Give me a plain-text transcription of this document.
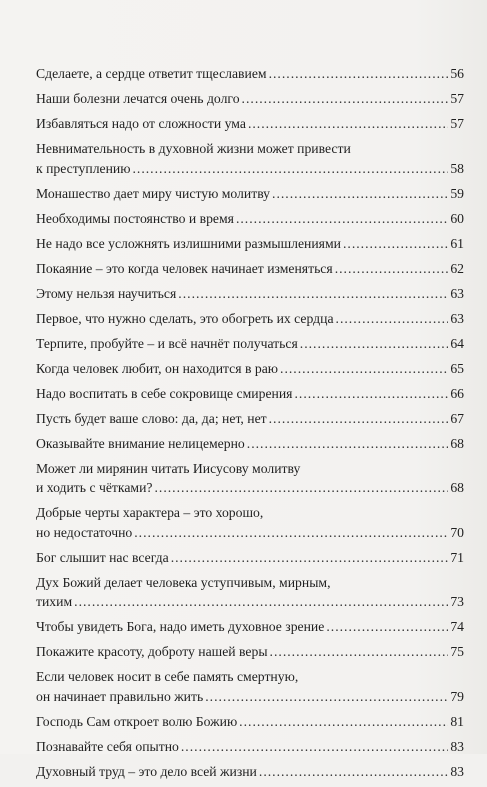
Сделаете, а сердце ответит тщеславием .....	56
Наши болезни лечатся очень долго .....	57
Избавляться надо от сложности ума .....	57
Невнимательность в духовной жизни может привести
к преступлению .....	58
Монашество дает миру чистую молитву .....	59
Необходимы постоянство и время .....	60
Не надо все усложнять излишними размышлениями .....	61
Покаяние – это когда человек начинает изменяться .....	62
Этому нельзя научиться .....	63
Первое, что нужно сделать, это обогреть их сердца .....	63
Терпите, пробуйте – и всё начнёт получаться .....	64
Когда человек любит, он находится в раю .....	65
Надо воспитать в себе сокровище смирения .....	66
Пусть будет ваше слово: да, да; нет, нет .....	67
Оказывайте внимание нелицемерно .....	68
Может ли мирянин читать Иисусову молитву
и ходить с чётками? .....	68
Добрые черты характера – это хорошо,
но недостаточно .....	70
Бог слышит нас всегда .....	71
Дух Божий делает человека уступчивым, мирным,
тихим .....	73
Чтобы увидеть Бога, надо иметь духовное зрение .....	74
Покажите красоту, доброту нашей веры .....	75
Если человек носит в себе память смертную,
он начинает правильно жить .....	79
Господь Сам откроет волю Божию .....	81
Познавайте себя опытно .....	83
Духовный труд – это дело всей жизни .....	83
